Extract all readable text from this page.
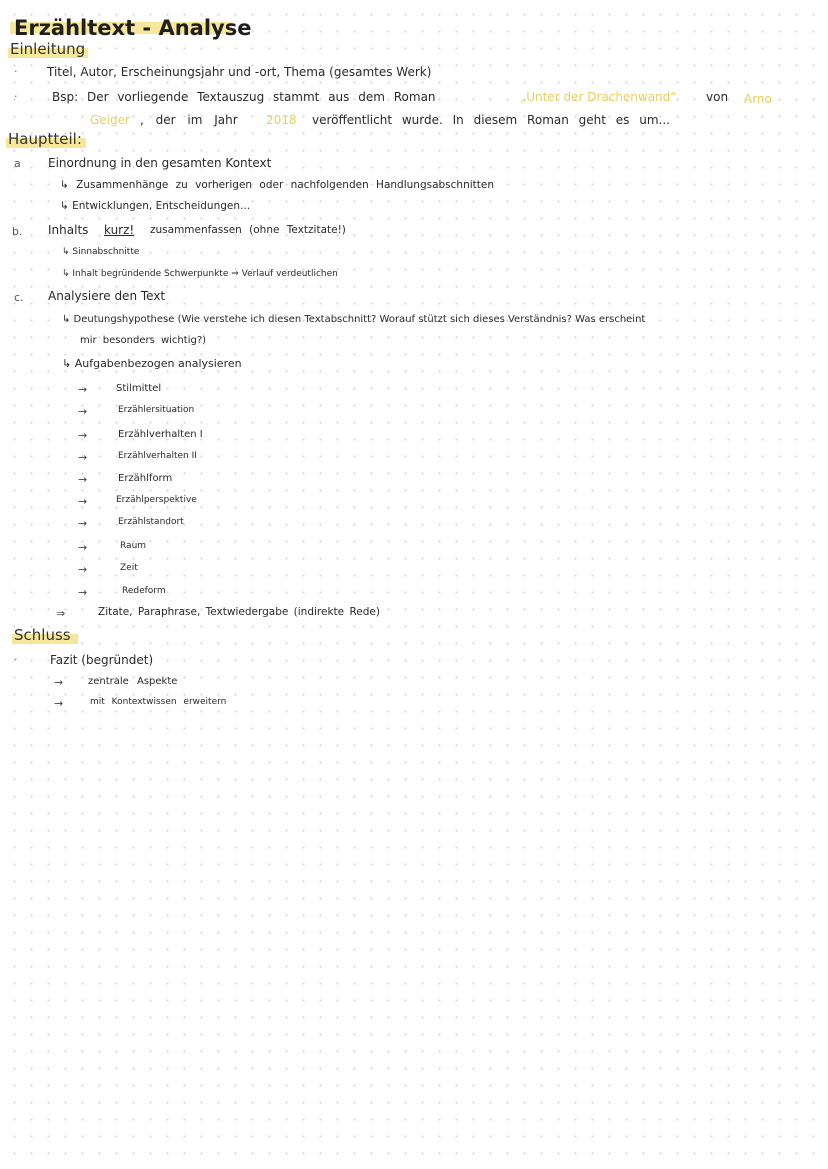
Erzähltext - Analyse
Einleitung
· Titel, Autor, Erscheinungsjahr und -ort, Thema (gesamtes Werk)
·	Bsp: Der vorliegende Textauszug stammt aus dem Roman	„Unter der Drachenwand“ von Arno
Geiger , der im Jahr 2018 veröffentlicht wurde. In diesem Roman geht es um...
Hauptteil:
a Einordnung in den gesamten Kontext
↳ Zusammenhänge zu vorherigen oder nachfolgenden Handlungsabschnitten
↳ Entwicklungen, Entscheidungen...
b. Inhalts kurz! zusammenfassen (ohne Textzitate!)
↳ Sinnabschnitte
↳ Inhalt begründende Schwerpunkte ⇒ Verlauf verdeutlichen
c. Analysiere den Text
↳ Deutungshypothese (Wie verstehe ich diesen Textabschnitt? Worauf stützt sich dieses Verständnis? Was erscheint
mir besonders wichtig?)
↳ Aufgabenbezogen analysieren
→	Stilmittel
→	Erzählersituation
→	Erzählverhalten I
→	Erzählverhalten II
→	Erzählform
→	Erzählperspektive
→	Erzählstandort
→	Raum
→	Zeit
→	Redeform
⇒	Zitate, Paraphrase, Textwiedergabe (indirekte Rede)
Schluss
·	Fazit (begründet)
→ zentrale Aspekte
→	mit Kontextwissen erweitern
